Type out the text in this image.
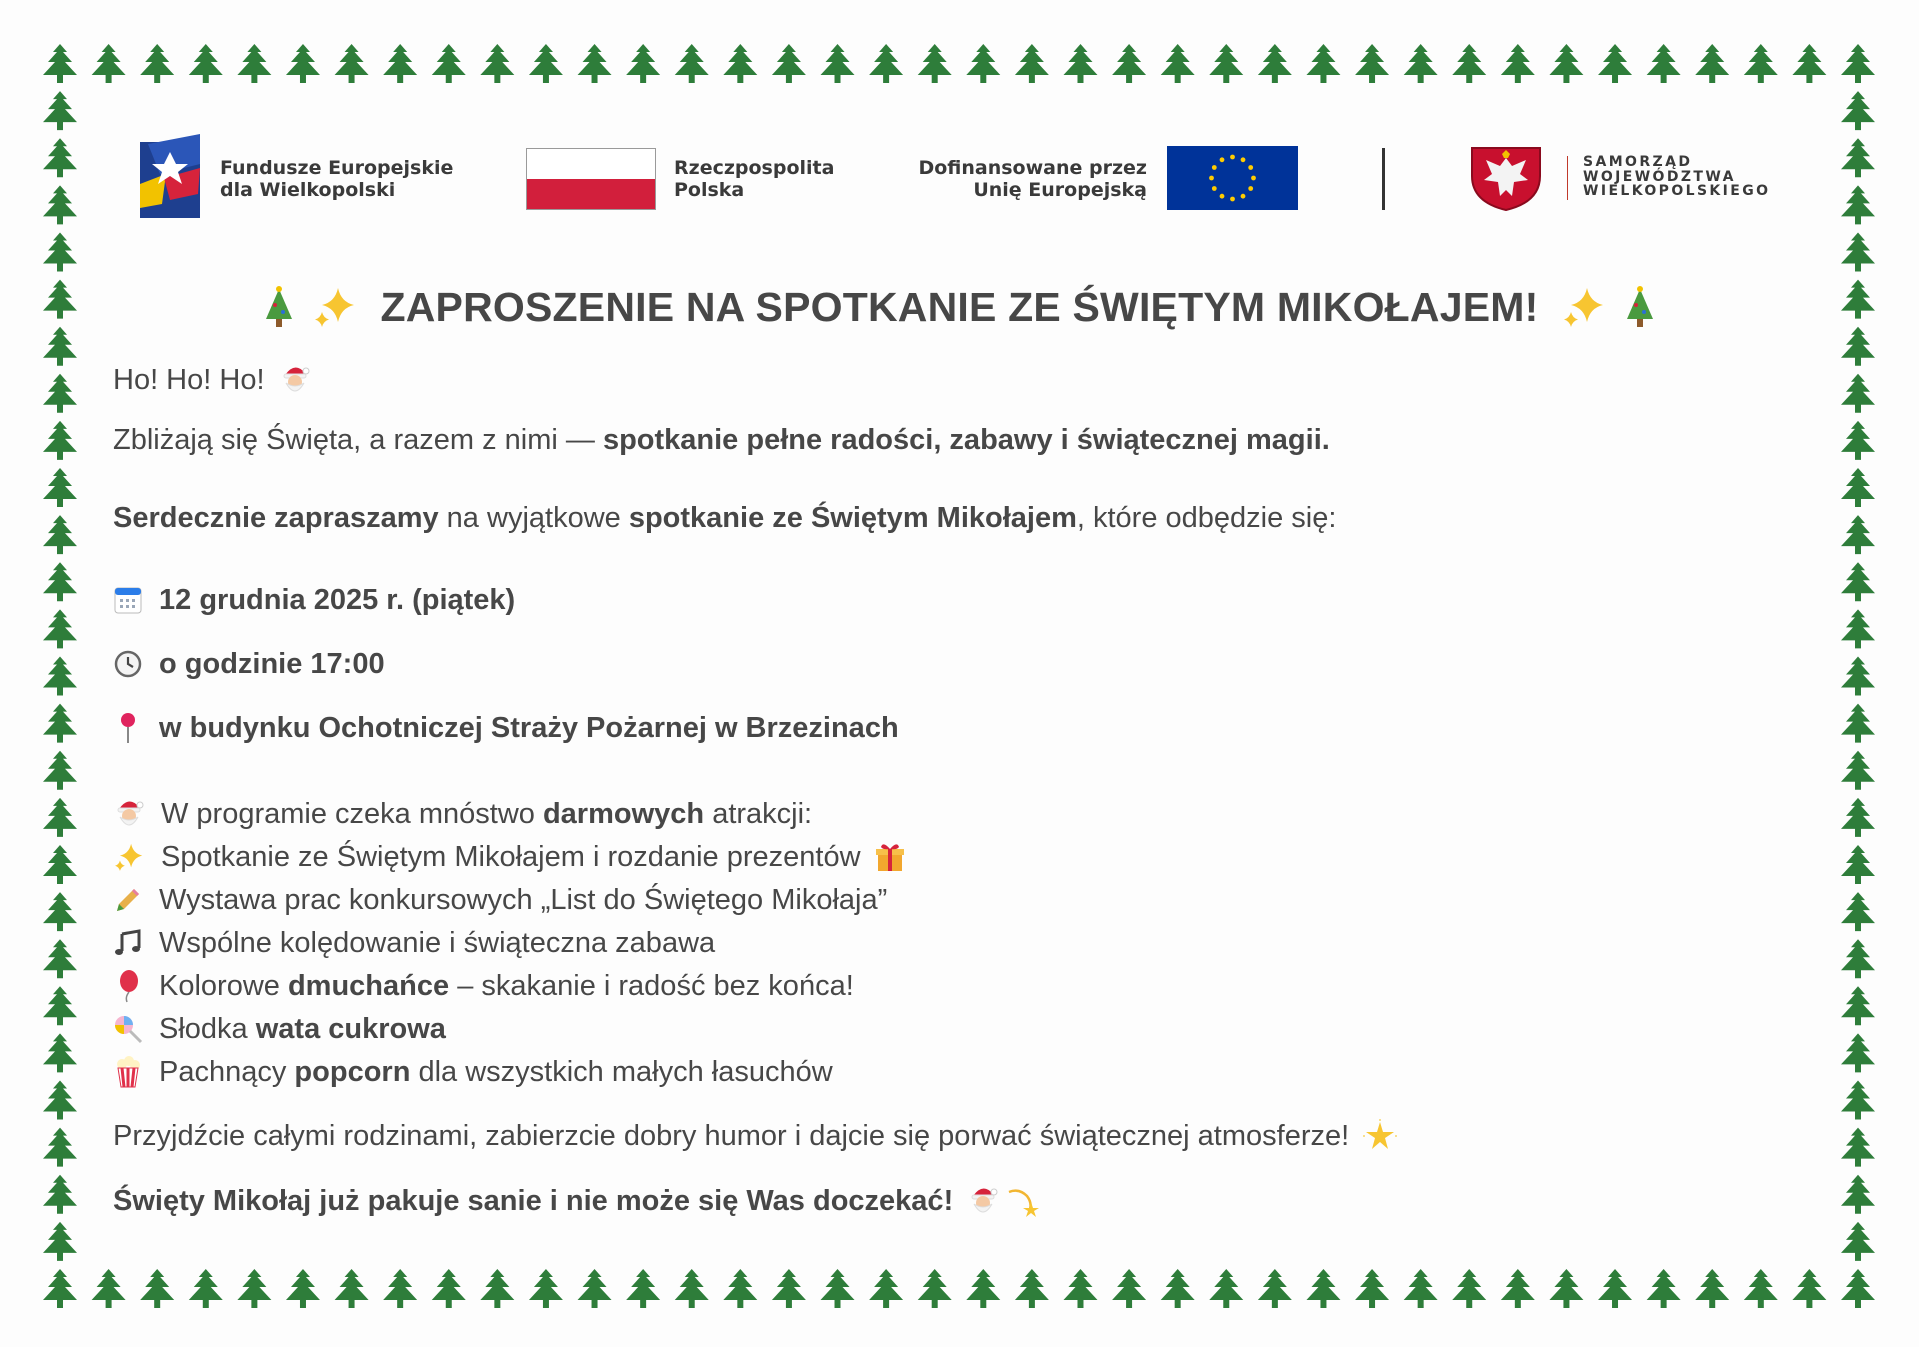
Fundusze Europejskie
dla Wielkopolski
Rzeczpospolita
Polska
Dofinansowane przez
Unię Europejską
SAMORZĄD
WOJEWÓDZTWA
WIELKOPOLSKIEGO
ZAPROSZENIE NA SPOTKANIE ZE ŚWIĘTYM MIKOŁAJEM!
Ho! Ho! Ho!
Zbliżają się Święta, a razem z nimi — spotkanie pełne radości, zabawy i świątecznej magii.
Serdecznie zapraszamy na wyjątkowe spotkanie ze Świętym Mikołajem , które odbędzie się:
12 grudnia 2025 r. (piątek)
o godzinie 17:00
w budynku Ochotniczej Straży Pożarnej w Brzezinach
W programie czeka mnóstwo darmowych atrakcji:
Spotkanie ze Świętym Mikołajem i rozdanie prezentów
Wystawa prac konkursowych „List do Świętego Mikołaja”
Wspólne kolędowanie i świąteczna zabawa
Kolorowe dmuchańce – skakanie i radość bez końca!
Słodka wata cukrowa
Pachnący popcorn dla wszystkich małych łasuchów
Przyjdźcie całymi rodzinami, zabierzcie dobry humor i dajcie się porwać świątecznej atmosferze!
Święty Mikołaj już pakuje sanie i nie może się Was doczekać!
